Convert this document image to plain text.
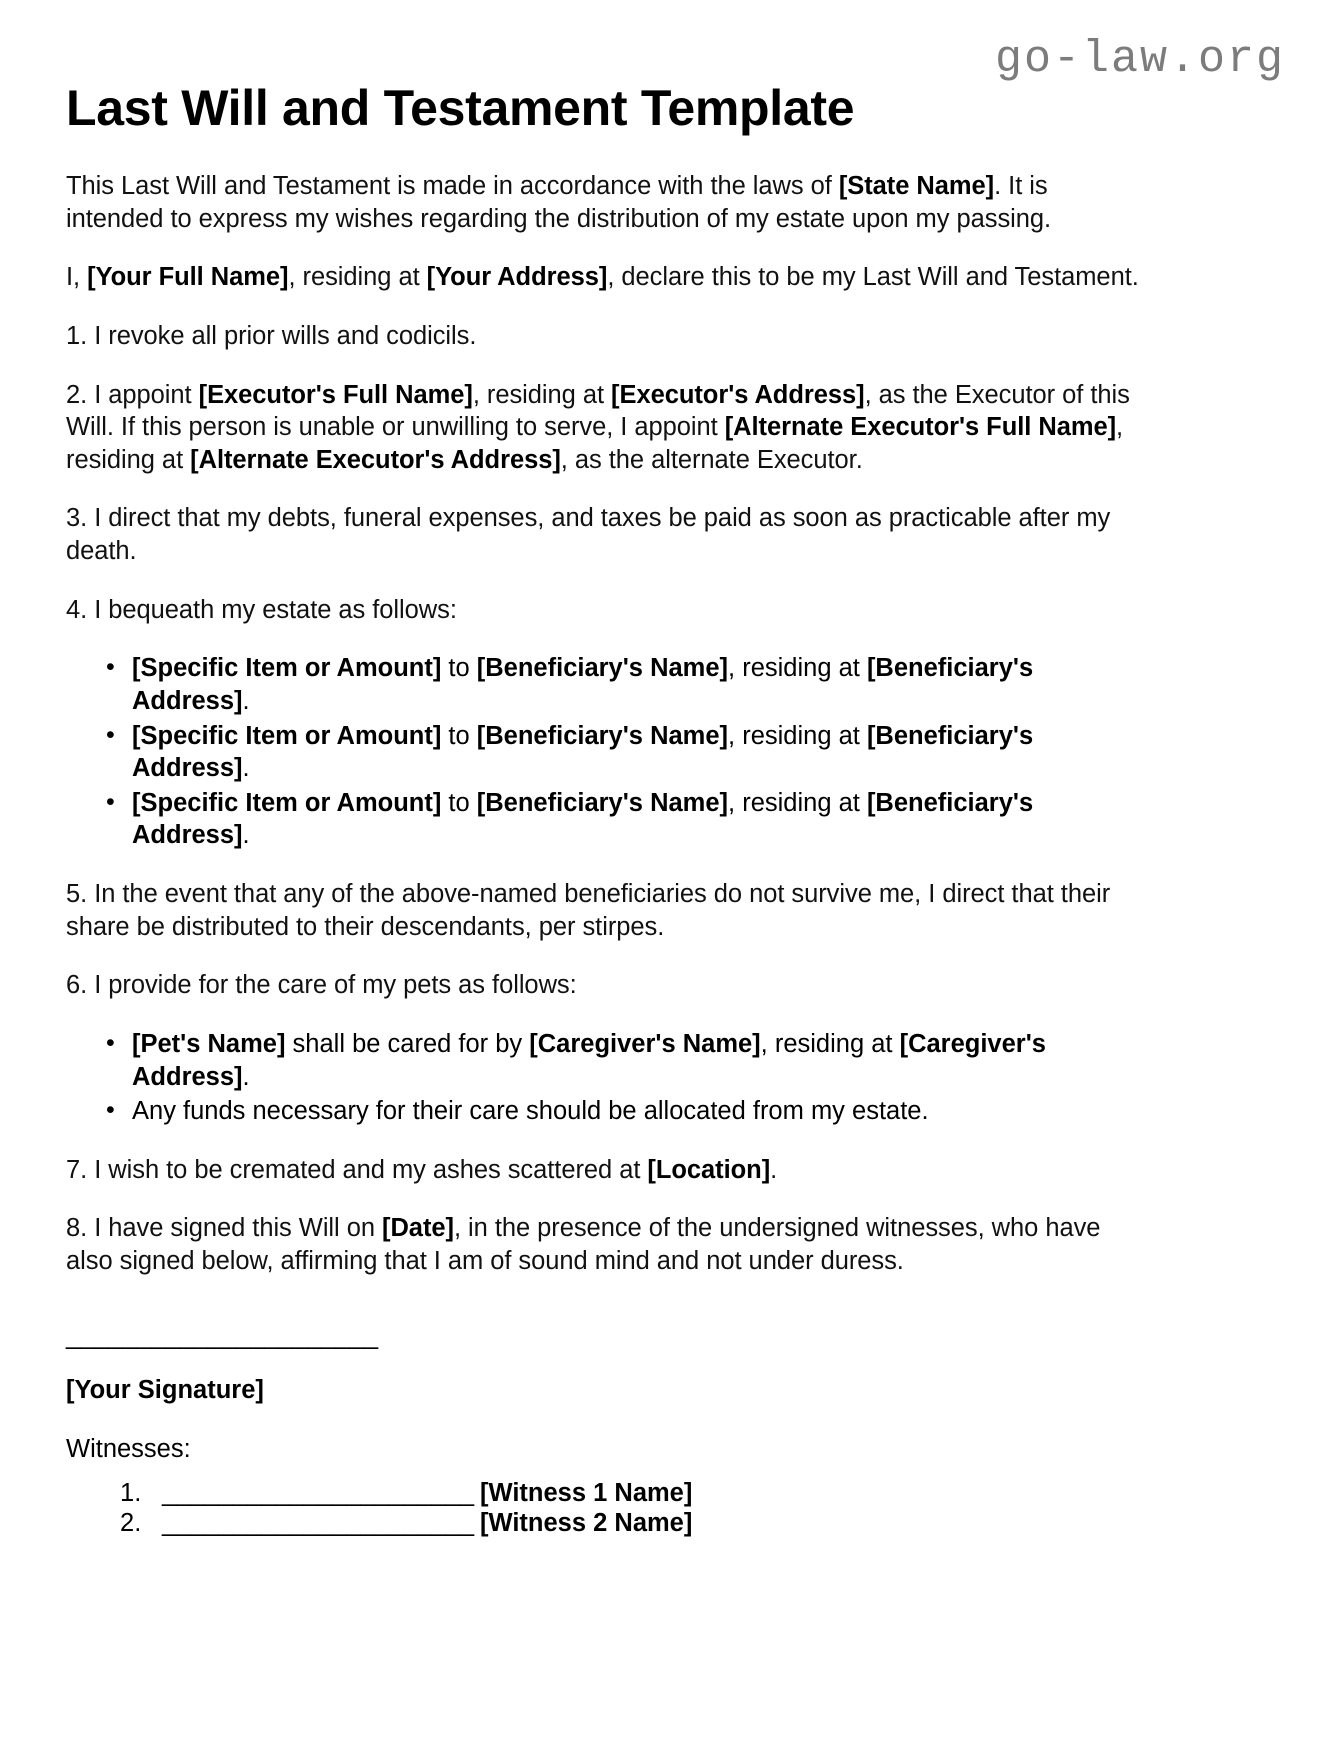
go-law.org
Last Will and Testament Template

This Last Will and Testament is made in accordance with the laws of [State Name]. It is intended to express my wishes regarding the distribution of my estate upon my passing.

I, [Your Full Name], residing at [Your Address], declare this to be my Last Will and Testament.

1. I revoke all prior wills and codicils.

2. I appoint [Executor's Full Name], residing at [Executor's Address], as the Executor of this Will. If this person is unable or unwilling to serve, I appoint [Alternate Executor's Full Name], residing at [Alternate Executor's Address], as the alternate Executor.

3. I direct that my debts, funeral expenses, and taxes be paid as soon as practicable after my death.

4. I bequeath my estate as follows:

• [Specific Item or Amount] to [Beneficiary's Name], residing at [Beneficiary's Address].
• [Specific Item or Amount] to [Beneficiary's Name], residing at [Beneficiary's Address].
• [Specific Item or Amount] to [Beneficiary's Name], residing at [Beneficiary's Address].

5. In the event that any of the above-named beneficiaries do not survive me, I direct that their share be distributed to their descendants, per stirpes.

6. I provide for the care of my pets as follows:

• [Pet's Name] shall be cared for by [Caregiver's Name], residing at [Caregiver's Address].
• Any funds necessary for their care should be allocated from my estate.

7. I wish to be cremated and my ashes scattered at [Location].

8. I have signed this Will on [Date], in the presence of the undersigned witnesses, who have also signed below, affirming that I am of sound mind and not under duress.

______________________
[Your Signature]
Witnesses:
______________________ [Witness 1 Name]
______________________ [Witness 2 Name]
